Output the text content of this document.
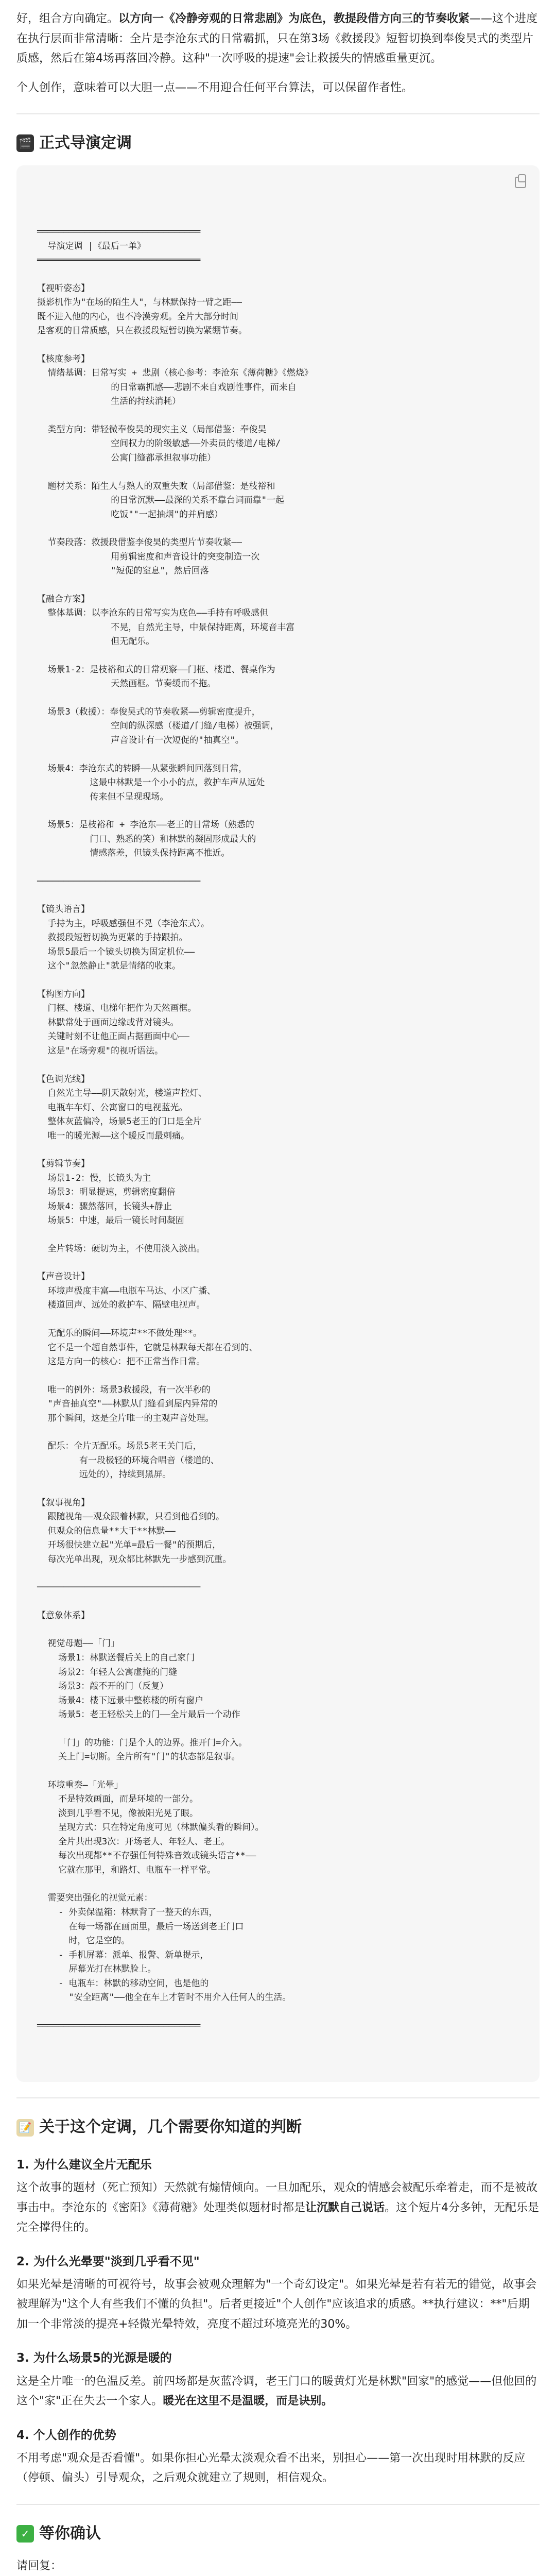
好，组合方向确定。以方向一《冷静旁观的日常悲剧》为底色，教提段借方向三的节奏收紧——这个进度在执行层面非常清晰：全片是李沧东式的日常霸抓，只在第3场《救援段》短暂切换到奉俊昊式的类型片质感，然后在第4场再落回冷静。这种"一次呼吸的提速"会让救援失的情感重量更沉。

个人创作，意味着可以大胆一点——不用迎合任何平台算法，可以保留作者性。

🎬 正式导演定调

═══════════════════════════════
导演定调 |《最后一单》
═══════════════════════════════
【视听姿态】
摄影机作为"在场的陌生人"，与林默保持一臂之距——
既不进入他的内心，也不冷漠旁观。全片大部分时间
是客观的日常质感，只在救援段短暂切换为紧绷节奏。
【核度参考】
情绪基调：日常写实 + 悲剧（核心参考：李沧东《薄荷糖》《燃烧》
的日常霸抓感——悲剧不来自戏剧性事件，而来自
生活的持续消耗）
类型方向：带轻微奉俊昊的现实主义（局部借鉴：奉俊昊
空间权力的阶级敏感——外卖员的楼道/电梯/
公寓门缝都承担叙事功能）
题材关系：陌生人与熟人的双重失败（局部借鉴：是枝裕和
的日常沉默——最深的关系不靠台词而靠"一起
吃饭""一起抽烟"的并肩感）
节奏段落：救援段借鉴李俊昊的类型片节奏收紧——
用剪辑密度和声音设计的突变制造一次
"短促的窒息"，然后回落
【融合方案】
整体基调：以李沧东的日常写实为底色——手持有呼吸感但
不晃，自然光主导，中景保持距离，环境音丰富
但无配乐。
场景1-2：是枝裕和式的日常观察——门框、楼道、餐桌作为
天然画框。节奏缓而不拖。
场景3（救援）：奉俊昊式的节奏收紧——剪辑密度提升，
空间的纵深感（楼道/门缝/电梯）被强调，
声音设计有一次短促的"抽真空"。
场景4：李沧东式的转瞬——从紧张瞬间回落到日常，
这最中林默是一个小小的点，救护车声从远处
传来但不呈现现场。
场景5：是枝裕和 + 李沧东——老王的日常场（熟悉的
门口、熟悉的笑）和林默的凝固形成最大的
情感落差，但镜头保持距离不推近。
───────────────────────────────
【镜头语言】
手持为主，呼吸感强但不晃（李沧东式）。
救援段短暂切换为更紧的手持跟拍。
场景5最后一个镜头切换为固定机位——
这个"忽然静止"就是情绪的收束。
【构图方向】
门框、楼道、电梯年把作为天然画框。
林默常处于画面边缘或背对镜头。
关键时刻不让他正面占据画面中心——
这是"在场旁观"的视听语法。
【色调光线】
自然光主导——阴天散射光，楼道声控灯、
电瓶车车灯、公寓窗口的电视蓝光。
整体灰蓝偏冷，场景5老王的门口是全片
唯一的暖光源——这个暖反而最刺痛。
【剪辑节奏】
场景1-2：慢，长镜头为主
场景3：明显提速，剪辑密度翻倍
场景4：骤然落回，长镜头+静止
场景5：中速，最后一镜长时间凝固
全片转场：硬切为主，不使用淡入淡出。
【声音设计】
环境声极度丰富——电瓶车马达、小区广播、
楼道回声、远处的救护车、隔壁电视声。
无配乐的瞬间——环境声**不做处理**。
它不是一个超自然事件，它就是林默每天都在看到的、
这是方向一的核心：把不正常当作日常。
唯一的例外：场景3救援段，有一次半秒的
"声音抽真空"——林默从门缝看到屋内异常的
那个瞬间，这是全片唯一的主观声音处理。
配乐：全片无配乐。场景5老王关门后，
有一段极轻的环境合唱音（楼道的、
远处的），持续到黑屏。
【叙事视角】
跟随视角——观众跟着林默，只看到他看到的。
但观众的信息量**大于**林默——
开场很快建立起"光单=最后一餐"的预期后，
每次光单出现，观众都比林默先一步感到沉重。
───────────────────────────────
【意象体系】
视觉母题——「门」
场景1：林默送餐后关上的自己家门
场景2：年轻人公寓虚掩的门缝
场景3：敲不开的门（反复）
场景4：楼下远景中整栋楼的所有窗户
场景5：老王轻松关上的门——全片最后一个动作
「门」的功能：门是个人的边界。推开门=介入。
关上门=切断。全片所有"门"的状态都是叙事。
环境重奏—「光晕」
不是特效画面，而是环境的一部分。
淡到几乎看不见，像被阳光晃了眼。
呈现方式：只在特定角度可见（林默偏头看的瞬间）。
全片共出现3次：开场老人、年轻人、老王。
每次出现都**不存强任何特殊音效或镜头语言**——
它就在那里，和路灯、电瓶车一样平常。
需要突出强化的视觉元素：
- 外卖保温箱：林默背了一整天的东西，
在每一场都在画面里，最后一场送到老王门口
时，它是空的。
- 手机屏幕：派单、报警、新单提示，
屏幕光打在林默脸上。
- 电瓶车：林默的移动空间，也是他的
"安全距离"——他全在车上才暂时不用介入任何人的生活。
═══════════════════════════════

📝 关于这个定调，几个需要你知道的判断
1. 为什么建议全片无配乐

这个故事的题材（死亡预知）天然就有煽情倾向。一旦加配乐，观众的情感会被配乐牵着走，而不是被故事击中。李沧东的《密阳》《薄荷糖》处理类似题材时都是让沉默自己说话。这个短片4分多钟，无配乐是完全撑得住的。

2. 为什么光晕要"淡到几乎看不见"

如果光晕是清晰的可视符号，故事会被观众理解为"一个奇幻设定"。如果光晕是若有若无的错觉，故事会被理解为"这个人有些我们不懂的负担"。后者更接近"个人创作"应该追求的质感。**执行建议：**"后期加一个非常淡的提亮+轻微光晕特效，亮度不超过环境亮光的30%。

3. 为什么场景5的光源是暖的

这是全片唯一的色温反差。前四场都是灰蓝冷调，老王门口的暖黄灯光是林默"回家"的感觉——但他回的这个"家"正在失去一个家人。暖光在这里不是温暖，而是诀别。

4. 个人创作的优势

不用考虑"观众是否看懂"。如果你担心光晕太淡观众看不出来，别担心——第一次出现时用林默的反应（停顿、偏头）引导观众，之后观众就建立了规则，相信观众。

✓ 等你确认

请回复：
